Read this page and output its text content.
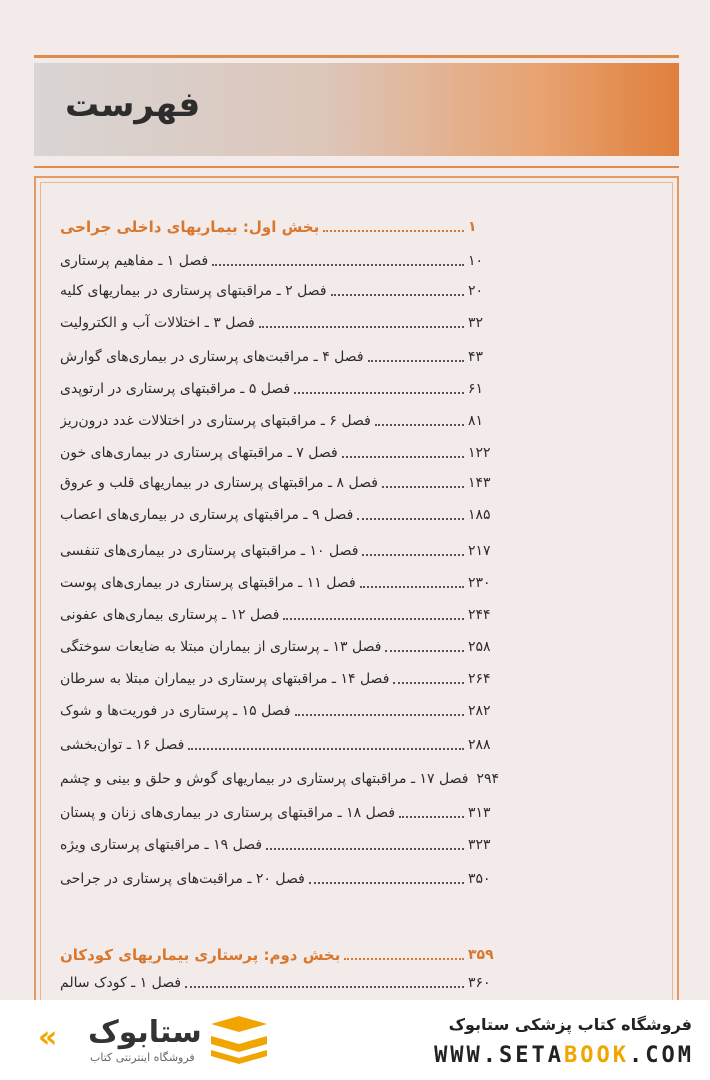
فهرست
بخش اول: بیماریهای داخلی جراحی	۱
فصل ۱ ـ مفاهیم پرستاری	۱۰
فصل ۲ ـ مراقبتهای پرستاری در بیماریهای کلیه	۲۰
فصل ۳ ـ اختلالات آب و الکترولیت	۳۲
فصل ۴ ـ مراقبت‌های پرستاری در بیماری‌های گوارش	۴۳
فصل ۵ ـ مراقبتهای پرستاری در ارتوپدی	۶۱
فصل ۶ ـ مراقبتهای پرستاری در اختلالات غدد درون‌ریز	۸۱
فصل ۷ ـ مراقبتهای پرستاری در بیماری‌های خون	۱۲۲
فصل ۸ ـ مراقبتهای پرستاری در بیماریهای قلب و عروق	۱۴۳
فصل ۹ ـ مراقبتهای پرستاری در بیماری‌های اعصاب	۱۸۵
فصل ۱۰ ـ مراقبتهای پرستاری در بیماری‌های تنفسی	۲۱۷
فصل ۱۱ ـ مراقبتهای پرستاری در بیماری‌های پوست	۲۳۰
فصل ۱۲ ـ پرستاری بیماری‌های عفونی	۲۴۴
فصل ۱۳ ـ پرستاری از بیماران مبتلا به ضایعات سوختگی	۲۵۸
فصل ۱۴ ـ مراقبتهای پرستاری در بیماران مبتلا به سرطان	۲۶۴
فصل ۱۵ ـ پرستاری در فوریت‌ها و شوک	۲۸۲
فصل ۱۶ ـ توان‌بخشی	۲۸۸
فصل ۱۷ ـ مراقبتهای پرستاری در بیماریهای گوش و حلق و بینی و چشم ۲۹۴
فصل ۱۸ ـ مراقبتهای پرستاری در بیماری‌های زنان و پستان	۳۱۳
فصل ۱۹ ـ مراقبتهای پرستاری ویژه	۳۲۳
فصل ۲۰ ـ مراقبت‌های پرستاری در جراحی	۳۵۰
بخش دوم: پرستاری بیماریهای کودکان	۳۵۹
فصل ۱ ـ کودک سالم	۳۶۰
« ستابوک
فروشگاه اینترنتی کتاب
فروشگاه کتاب پزشکی ستابوک
WWW.SETABOOK.COM
